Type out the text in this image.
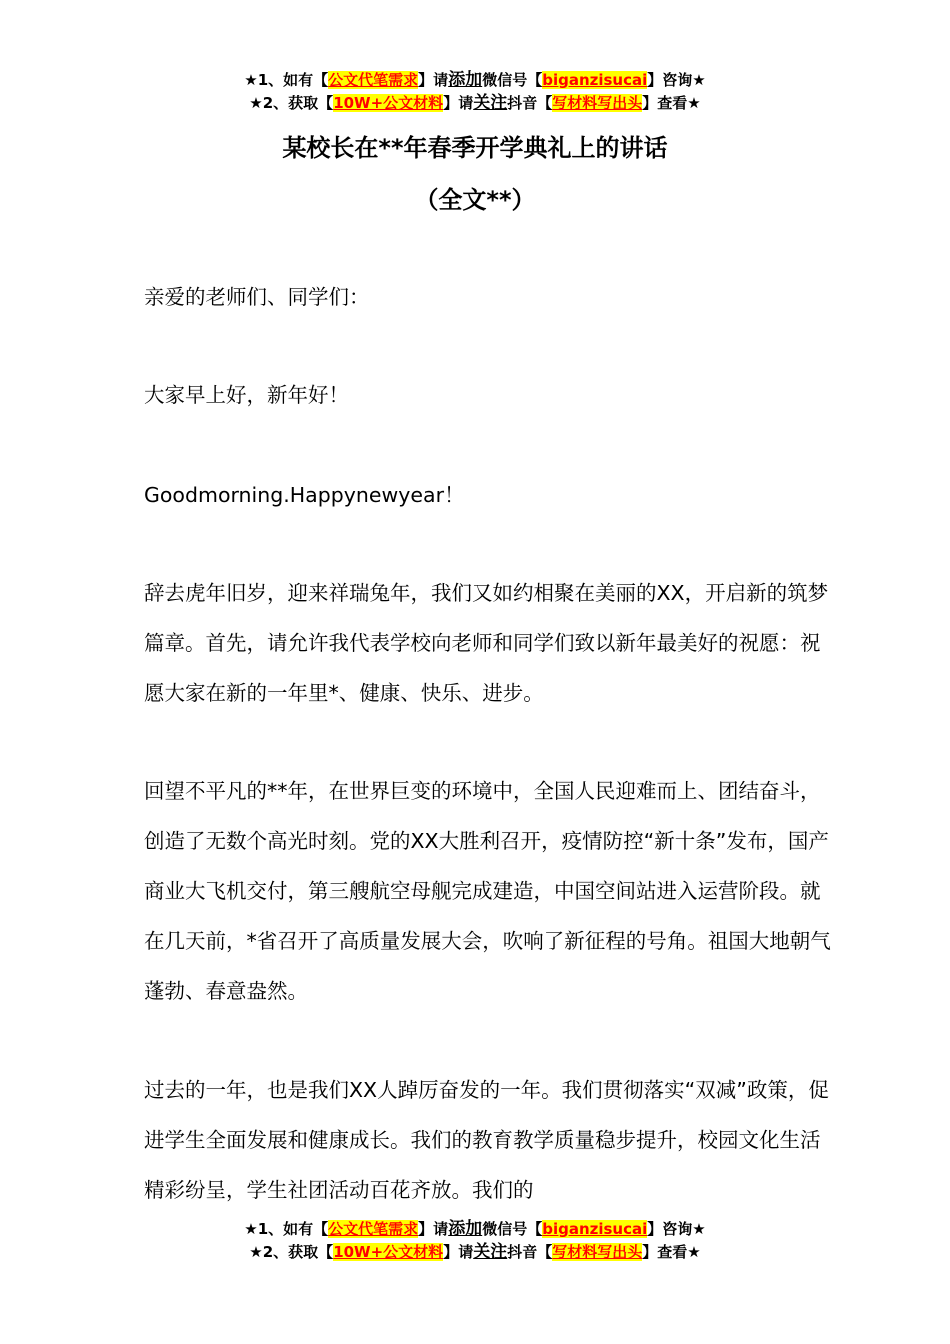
★1、如有【公文代笔需求】请添加微信号【biganzisucai】咨询★
★2、获取【10W+公文材料】请关注抖音【写材料写出头】查看★
某校长在**年春季开学典礼上的讲话
（全文**）
亲爱的老师们、同学们：
大家早上好，新年好！
Goodmorning.Happynewyear！
辞去虎年旧岁，迎来祥瑞兔年，我们又如约相聚在美丽的XX，开启新的筑梦篇章。首先，请允许我代表学校向老师和同学们致以新年最美好的祝愿：祝愿大家在新的一年里*、健康、快乐、进步。
回望不平凡的**年，在世界巨变的环境中，全国人民迎难而上、团结奋斗，创造了无数个高光时刻。党的XX大胜利召开，疫情防控“新十条”发布，国产商业大飞机交付，第三艘航空母舰完成建造，中国空间站进入运营阶段。就在几天前，*省召开了高质量发展大会，吹响了新征程的号角。祖国大地朝气蓬勃、春意盎然。
过去的一年，也是我们XX人踔厉奋发的一年。我们贯彻落实“双减”政策，促进学生全面发展和健康成长。我们的教育教学质量稳步提升，校园文化生活精彩纷呈，学生社团活动百花齐放。我们的
★1、如有【公文代笔需求】请添加微信号【biganzisucai】咨询★
★2、获取【10W+公文材料】请关注抖音【写材料写出头】查看★
